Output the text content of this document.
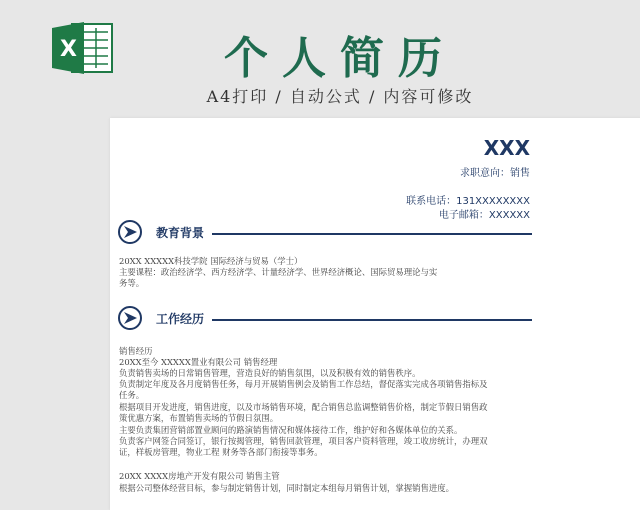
X	个人简历
A4打印 / 自动公式 / 内容可修改
XXX
求职意向：销售
联系电话：131XXXXXXXX
电子邮箱：XXXXXX
教育背景
20XX XXXXX科技学院 国际经济与贸易（学士）
主要课程：政治经济学、西方经济学、计量经济学、世界经济概论、国际贸易理论与实
务等。
工作经历
销售经历
20XX至今 XXXXX置业有限公司 销售经理
负责销售卖场的日常销售管理，营造良好的销售氛围，以及积极有效的销售秩序。
负责制定年度及各月度销售任务，每月开展销售例会及销售工作总结，督促落实完成各项销售指标及
任务。
根据项目开发进度，销售进度，以及市场销售环境，配合销售总监调整销售价格，制定节假日销售政
策优惠方案，布置销售卖场的节假日氛围。
主要负责集团营销部置业顾问的路演销售情况和媒体接待工作，维护好和各媒体单位的关系。
负责客户网签合同签订，银行按揭管理，销售回款管理，项目客户资料管理，竣工收房统计，办理双
证，样板房管理，物业工程 财务等各部门衔接等事务。
20XX XXXX房地产开发有限公司 销售主管
根据公司整体经营目标，参与制定销售计划，同时制定本组每月销售计划，掌握销售进度。
